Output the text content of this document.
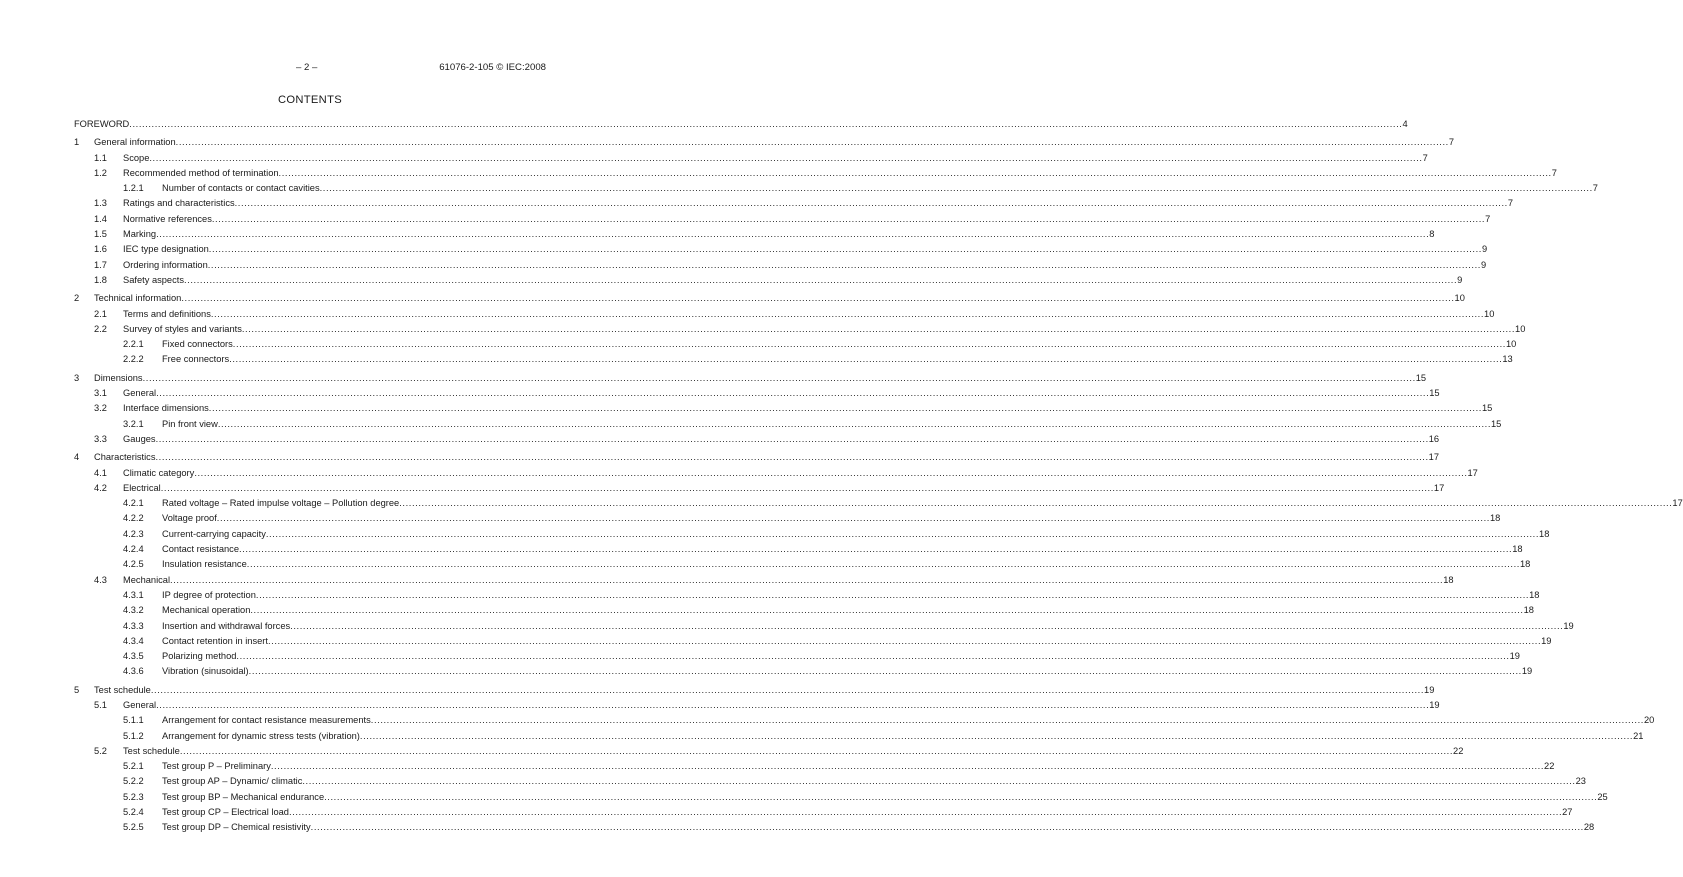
– 2 –	61076-2-105 © IEC:2008
CONTENTS
FOREWORD ................................................................................................................................................................................................................................................................................................................................................................................................................ 4
1 General information ................................................................................................................................................................................................................................................................................................................................................................................................................ 7
1.1 Scope ................................................................................................................................................................................................................................................................................................................................................................................................................ 7
1.2 Recommended method of termination ................................................................................................................................................................................................................................................................................................................................................................................................................ 7
1.2.1 Number of contacts or contact cavities ................................................................................................................................................................................................................................................................................................................................................................................................................ 7
1.3 Ratings and characteristics ................................................................................................................................................................................................................................................................................................................................................................................................................ 7
1.4 Normative references ................................................................................................................................................................................................................................................................................................................................................................................................................ 7
1.5 Marking ................................................................................................................................................................................................................................................................................................................................................................................................................ 8
1.6 IEC type designation ................................................................................................................................................................................................................................................................................................................................................................................................................ 9
1.7 Ordering information ................................................................................................................................................................................................................................................................................................................................................................................................................ 9
1.8 Safety aspects ................................................................................................................................................................................................................................................................................................................................................................................................................ 9
2 Technical information ................................................................................................................................................................................................................................................................................................................................................................................................................ 10
2.1 Terms and definitions ................................................................................................................................................................................................................................................................................................................................................................................................................ 10
2.2 Survey of styles and variants ................................................................................................................................................................................................................................................................................................................................................................................................................ 10
2.2.1 Fixed connectors ................................................................................................................................................................................................................................................................................................................................................................................................................ 10
2.2.2 Free connectors ................................................................................................................................................................................................................................................................................................................................................................................................................ 13
3 Dimensions ................................................................................................................................................................................................................................................................................................................................................................................................................ 15
3.1 General ................................................................................................................................................................................................................................................................................................................................................................................................................ 15
3.2 Interface dimensions ................................................................................................................................................................................................................................................................................................................................................................................................................ 15
3.2.1 Pin front view ................................................................................................................................................................................................................................................................................................................................................................................................................ 15
3.3 Gauges ................................................................................................................................................................................................................................................................................................................................................................................................................ 16
4 Characteristics ................................................................................................................................................................................................................................................................................................................................................................................................................ 17
4.1 Climatic category ................................................................................................................................................................................................................................................................................................................................................................................................................ 17
4.2 Electrical ................................................................................................................................................................................................................................................................................................................................................................................................................ 17
4.2.1 Rated voltage – Rated impulse voltage – Pollution degree ................................................................................................................................................................................................................................................................................................................................................................................................................ 17
4.2.2 Voltage proof ................................................................................................................................................................................................................................................................................................................................................................................................................ 18
4.2.3 Current-carrying capacity ................................................................................................................................................................................................................................................................................................................................................................................................................ 18
4.2.4 Contact resistance ................................................................................................................................................................................................................................................................................................................................................................................................................ 18
4.2.5 Insulation resistance ................................................................................................................................................................................................................................................................................................................................................................................................................ 18
4.3 Mechanical ................................................................................................................................................................................................................................................................................................................................................................................................................ 18
4.3.1 IP degree of protection ................................................................................................................................................................................................................................................................................................................................................................................................................ 18
4.3.2 Mechanical operation ................................................................................................................................................................................................................................................................................................................................................................................................................ 18
4.3.3 Insertion and withdrawal forces ................................................................................................................................................................................................................................................................................................................................................................................................................ 19
4.3.4 Contact retention in insert ................................................................................................................................................................................................................................................................................................................................................................................................................ 19
4.3.5 Polarizing method ................................................................................................................................................................................................................................................................................................................................................................................................................ 19
4.3.6 Vibration (sinusoidal) ................................................................................................................................................................................................................................................................................................................................................................................................................ 19
5 Test schedule ................................................................................................................................................................................................................................................................................................................................................................................................................ 19
5.1 General ................................................................................................................................................................................................................................................................................................................................................................................................................ 19
5.1.1 Arrangement for contact resistance measurements ................................................................................................................................................................................................................................................................................................................................................................................................................ 20
5.1.2 Arrangement for dynamic stress tests (vibration) ................................................................................................................................................................................................................................................................................................................................................................................................................ 21
5.2 Test schedule ................................................................................................................................................................................................................................................................................................................................................................................................................ 22
5.2.1 Test group P – Preliminary ................................................................................................................................................................................................................................................................................................................................................................................................................ 22
5.2.2 Test group AP – Dynamic/ climatic ................................................................................................................................................................................................................................................................................................................................................................................................................ 23
5.2.3 Test group BP – Mechanical endurance ................................................................................................................................................................................................................................................................................................................................................................................................................ 25
5.2.4 Test group CP – Electrical load ................................................................................................................................................................................................................................................................................................................................................................................................................ 27
5.2.5 Test group DP – Chemical resistivity ................................................................................................................................................................................................................................................................................................................................................................................................................ 28
